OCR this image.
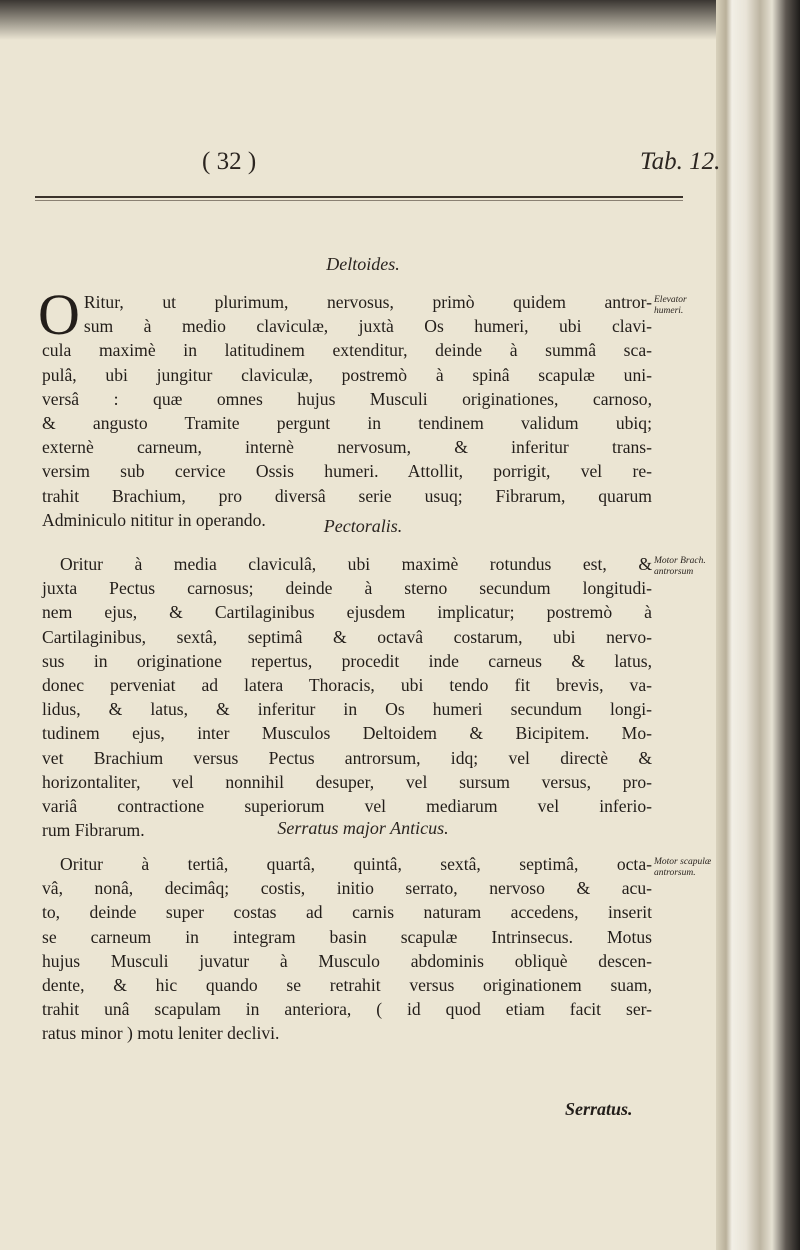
( 32 )	Tab. 12.
Deltoides.
Elevator humeri.
O Ritur, ut plurimum, nervosus, primò quidem antror-
sum à medio claviculæ, juxtà Os humeri, ubi clavi-
cula maximè in latitudinem extenditur, deinde à summâ sca-
pulâ, ubi jungitur claviculæ, postremò à spinâ scapulæ uni-
versâ : quæ omnes hujus Musculi originationes, carnoso,
& angusto Tramite pergunt in tendinem validum ubiq;
externè carneum, internè nervosum, & inferitur trans-
versim sub cervice Ossis humeri. Attollit, porrigit, vel re-
trahit Brachium, pro diversâ serie usuq; Fibrarum, quarum
Adminiculo nititur in operando.	Pectoralis.
Motor Brach. antrorsum
Oritur à media claviculâ, ubi maximè rotundus est, &
juxta Pectus carnosus; deinde à sterno secundum longitudi-
nem ejus, & Cartilaginibus ejusdem implicatur; postremò à
Cartilaginibus, sextâ, septimâ & octavâ costarum, ubi nervo-
sus in originatione repertus, procedit inde carneus & latus,
donec perveniat ad latera Thoracis, ubi tendo fit brevis, va-
lidus, & latus, & inferitur in Os humeri secundum longi-
tudinem ejus, inter Musculos Deltoidem & Bicipitem. Mo-
vet Brachium versus Pectus antrorsum, idq; vel directè &
horizontaliter, vel nonnihil desuper, vel sursum versus, pro-
variâ contractione superiorum vel mediarum vel inferio-
rum Fibrarum.	Serratus major Anticus.
Motor scapulæ antrorsum.
Oritur à tertiâ, quartâ, quintâ, sextâ, septimâ, octa-
vâ, nonâ, decimâq; costis, initio serrato, nervoso & acu-
to, deinde super costas ad carnis naturam accedens, inserit
se carneum in integram basin scapulæ Intrinsecus. Motus
hujus Musculi juvatur à Musculo abdominis obliquè descen-
dente, & hic quando se retrahit versus originationem suam,
trahit unâ scapulam in anteriora, ( id quod etiam facit ser-
ratus minor ) motu leniter declivi.
Serratus.
